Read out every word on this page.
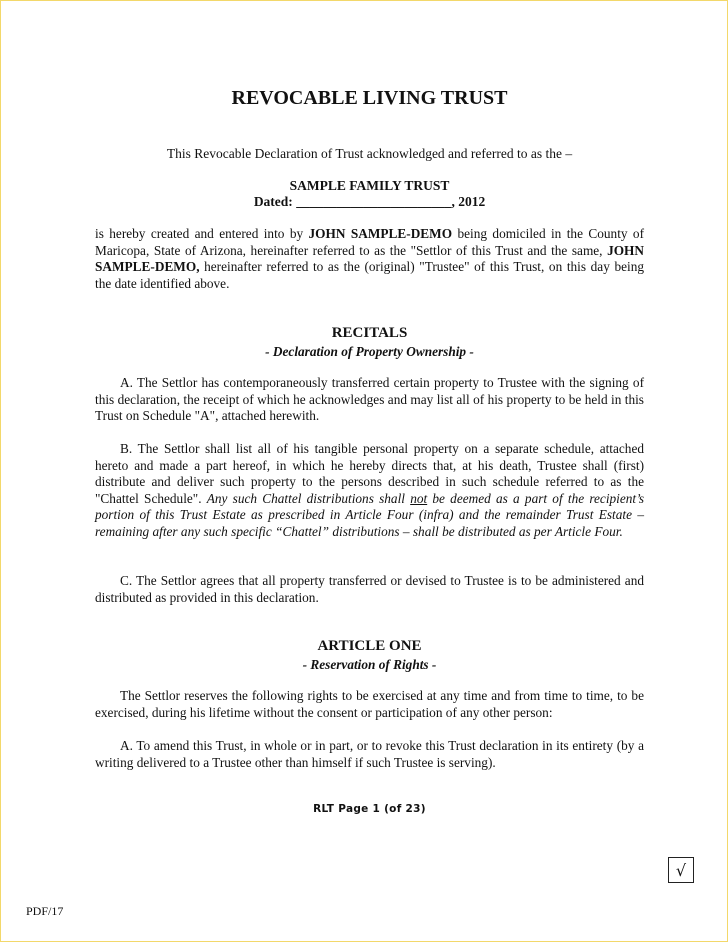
REVOCABLE LIVING TRUST
This Revocable Declaration of Trust acknowledged and referred to as the –
SAMPLE FAMILY TRUST
Dated: _______________________, 2012

is hereby created and entered into by JOHN SAMPLE-DEMO being domiciled in the County of Maricopa, State of Arizona, hereinafter referred to as the "Settlor of this Trust and the same, JOHN SAMPLE-DEMO, hereinafter referred to as the (original) "Trustee" of this Trust, on this day being the date identified above.

RECITALS
- Declaration of Property Ownership -

A. The Settlor has contemporaneously transferred certain property to Trustee with the signing of this declaration, the receipt of which he acknowledges and may list all of his property to be held in this Trust on Schedule "A", attached herewith.

B. The Settlor shall list all of his tangible personal property on a separate schedule, attached hereto and made a part hereof, in which he hereby directs that, at his death, Trustee shall (first) distribute and deliver such property to the persons described in such schedule referred to as the "Chattel Schedule". Any such Chattel distributions shall not be deemed as a part of the recipient’s portion of this Trust Estate as prescribed in Article Four (infra) and the remainder Trust Estate – remaining after any such specific “Chattel” distributions – shall be distributed as per Article Four.

C. The Settlor agrees that all property transferred or devised to Trustee is to be administered and distributed as provided in this declaration.

ARTICLE ONE
- Reservation of Rights -

The Settlor reserves the following rights to be exercised at any time and from time to time, to be exercised, during his lifetime without the consent or participation of any other person:

A. To amend this Trust, in whole or in part, or to revoke this Trust declaration in its entirety (by a writing delivered to a Trustee other than himself if such Trustee is serving).

RLT Page 1 (of 23)
√
PDF/17
